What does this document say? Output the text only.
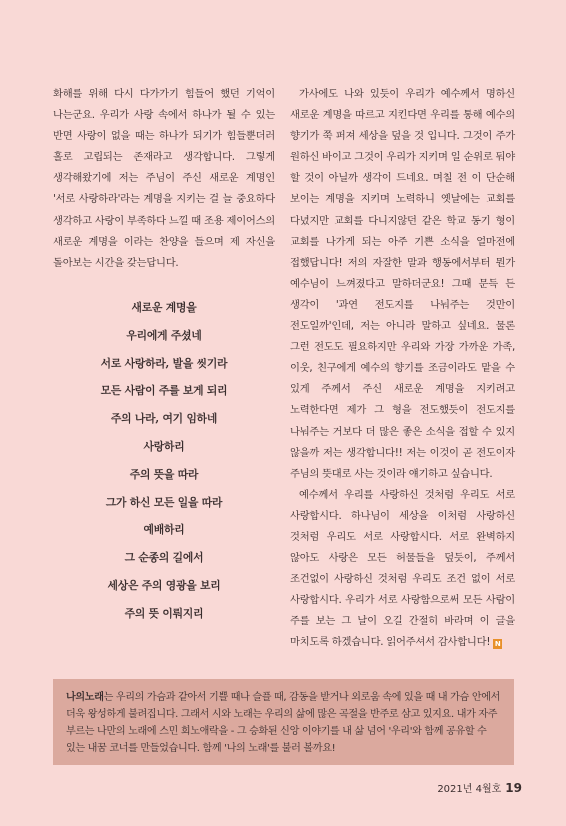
화해를 위해 다시 다가가기 힘들어 했던 기억이 나는군요. 우리가 사랑 속에서 하나가 될 수 있는 반면 사랑이 없을 때는 하나가 되기가 힘들뿐더러 홀로 고립되는 존재라고 생각합니다. 그렇게 생각해왔기에 저는 주님이 주신 새로운 계명인 '서로 사랑하라'라는 계명을 지키는 걸 늘 중요하다 생각하고 사랑이 부족하다 느낄 때 조용 제이어스의 새로운 계명을 이라는 찬양을 들으며 제 자신을 돌아보는 시간을 갖는답니다.

새로운 계명을
우리에게 주셨네
서로 사랑하라, 발을 씻기라
모든 사람이 주를 보게 되리
주의 나라, 여기 임하네
사랑하리
주의 뜻을 따라
그가 하신 모든 일을 따라
예배하리
그 순종의 길에서
세상은 주의 영광을 보리
주의 뜻 이뤄지리

가사에도 나와 있듯이 우리가 예수께서 명하신 새로운 계명을 따르고 지킨다면 우리를 통해 예수의 향기가 쭉 퍼져 세상을 덮을 것 입니다. 그것이 주가 원하신 바이고 그것이 우리가 지키며 일 순위로 둬야 할 것이 아닐까 생각이 드네요. 며칠 전 이 단순해 보이는 계명을 지키며 노력하니 옛날에는 교회를 다녔지만 교회를 다니지않던 같은 학교 동기 형이 교회를 나가게 되는 아주 기쁜 소식을 얼마전에 접했답니다! 저의 자잘한 말과 행동에서부터 뭔가 예수님이 느껴졌다고 말하더군요! 그때 문득 든 생각이 '과연 전도지를 나눠주는 것만이 전도일까'인데, 저는 아니라 말하고 싶네요. 물론 그런 전도도 필요하지만 우리와 가장 가까운 가족, 이웃, 친구에게 예수의 향기를 조금이라도 맡을 수 있게 주께서 주신 새로운 계명을 지키려고 노력한다면 제가 그 형을 전도했듯이 전도지를 나눠주는 거보다 더 많은 좋은 소식을 접할 수 있지 않을까 저는 생각합니다!! 저는 이것이 곧 전도이자 주님의 뜻대로 사는 것이라 얘기하고 싶습니다.

예수께서 우리를 사랑하신 것처럼 우리도 서로 사랑합시다. 하나님이 세상을 이처럼 사랑하신 것처럼 우리도 서로 사랑합시다. 서로 완벽하지 않아도 사랑은 모든 허물들을 덮듯이, 주께서 조건없이 사랑하신 것처럼 우리도 조건 없이 서로 사랑합시다. 우리가 서로 사랑함으로써 모든 사람이 주를 보는 그 날이 오길 간절히 바라며 이 글을 마치도록 하겠습니다. 읽어주셔서 감사합니다! N

나의노래는 우리의 가슴과 같아서 기쁠 때나 슬플 때, 감동을 받거나 외로움 속에 있을 때 내 가슴 안에서 더욱 왕성하게 불려집니다. 그래서 시와 노래는 우리의 삶에 많은 곡절을 반주로 삼고 있지요. 내가 자주 부르는 나만의 노래에 스민 희노애락을 - 그 승화된 신앙 이야기를 내 삶 넘어 '우리'와 함께 공유할 수 있는 내꿈 코너를 만들었습니다. 함께 '나의 노래'를 불러 볼까요!
2021년 4월호 19
